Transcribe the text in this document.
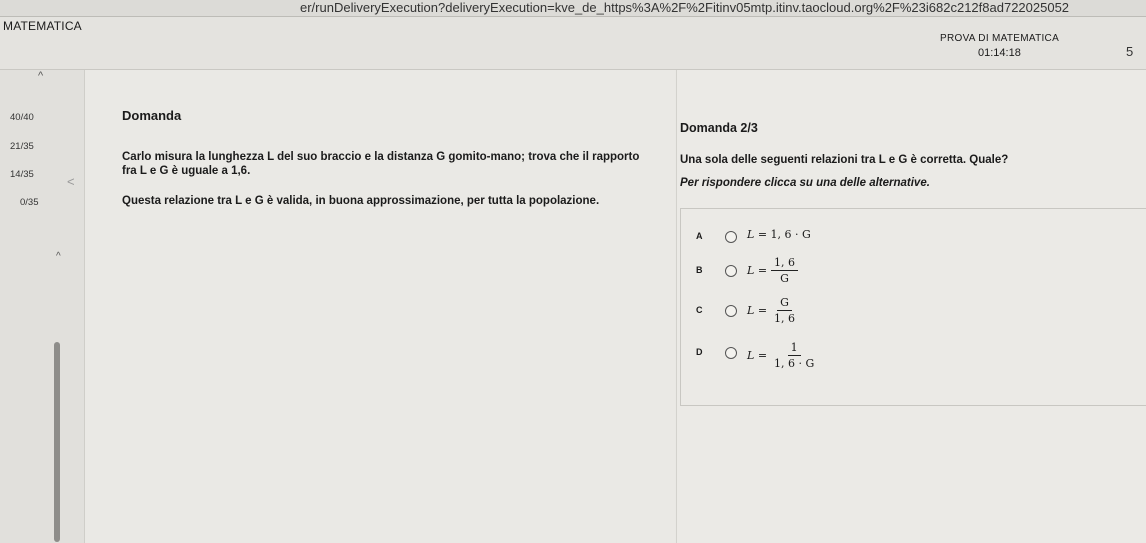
er/runDeliveryExecution?deliveryExecution=kve_de_https%3A%2F%2Fitinv05mtp.itinv.taocloud.org%2F%23i682c212f8ad722025052
MATEMATICA
PROVA DI MATEMATICA
01:14:18	5
^
40/40
21/35
14/35
0/35
^
Domanda
Carlo misura la lunghezza L del suo braccio e la distanza G gomito-mano; trova che il rapporto
fra L e G è uguale a 1,6.
Questa relazione tra L e G è valida, in buona approssimazione, per tutta la popolazione.
<
Domanda 2/3
Una sola delle seguenti relazioni tra L e G è corretta. Quale?
Per rispondere clicca su una delle alternative.
A	L
=
1, 6 · G
B	L
= $\frac{1, 6}{G}$
C	L
= $\frac{G}{1, 6}$
D	L
= $\frac{1}{1, 6 \cdot G}$
